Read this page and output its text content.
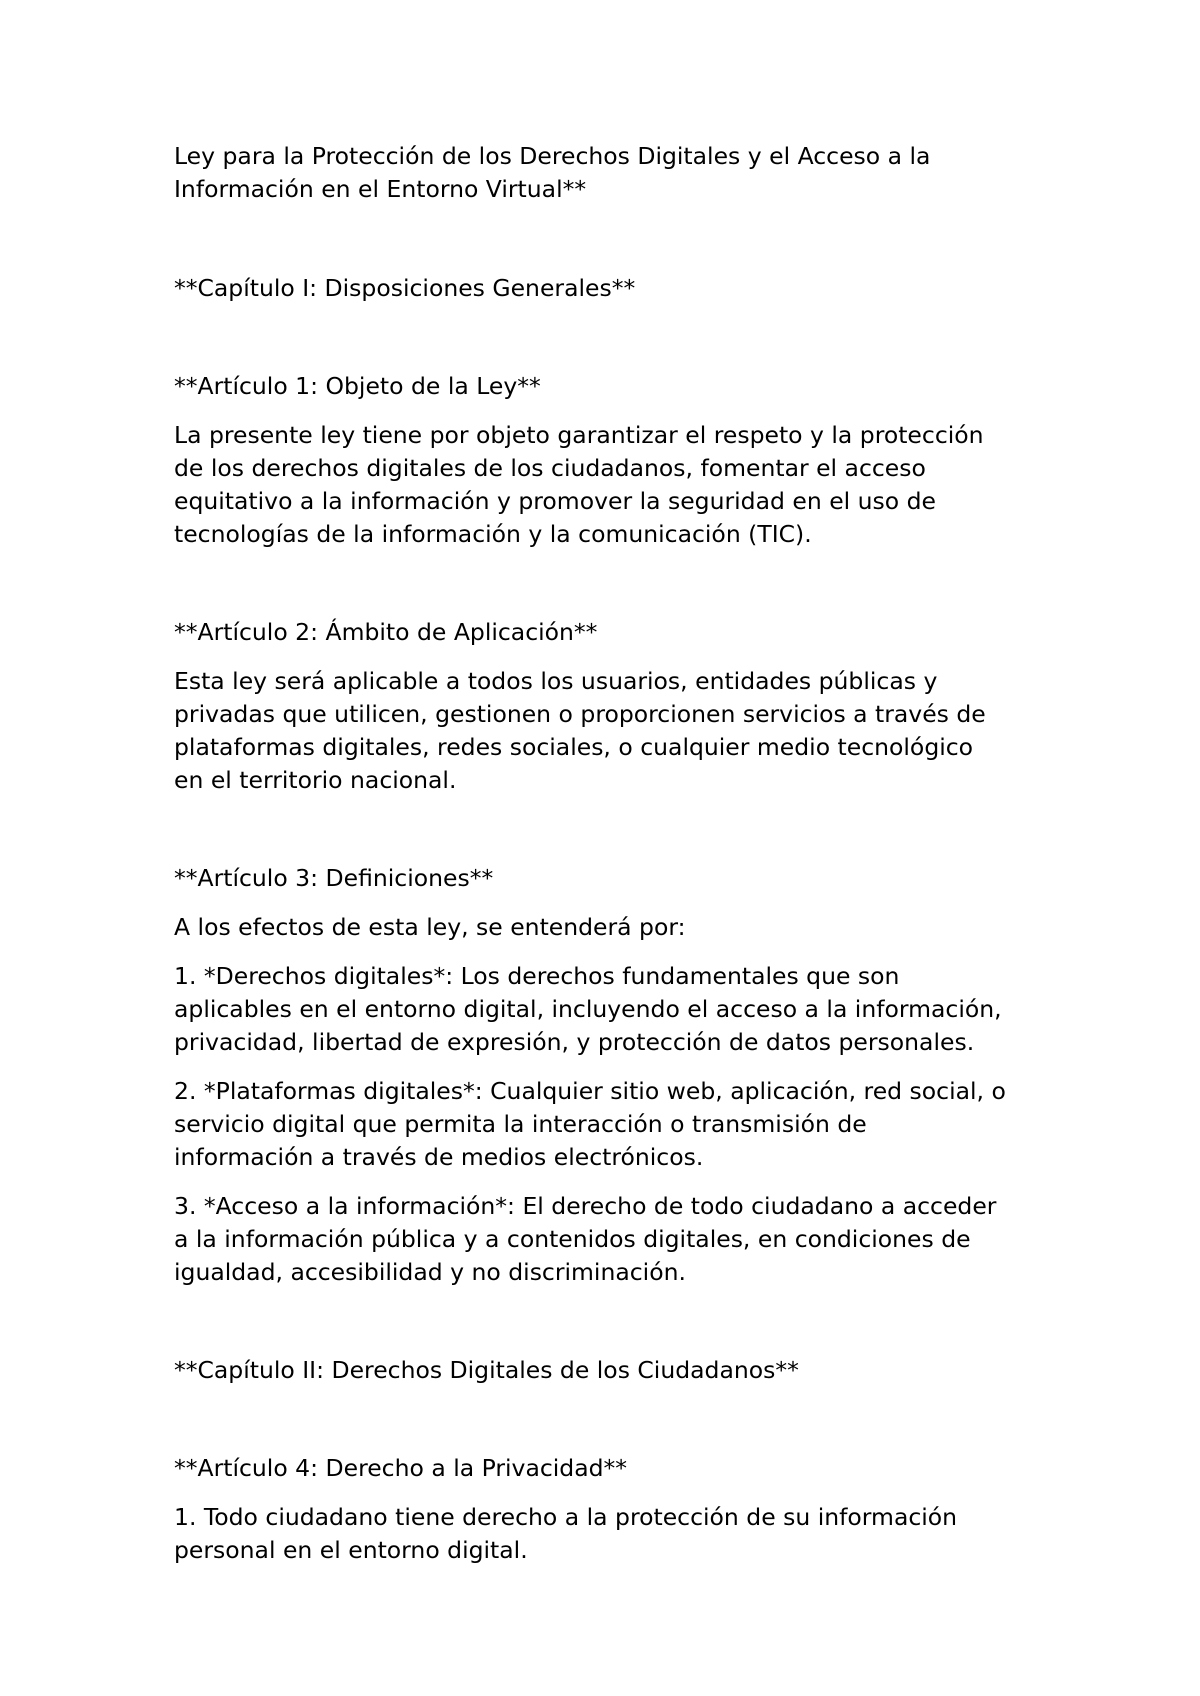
Ley para la Protección de los Derechos Digitales y el Acceso a la
Información en el Entorno Virtual**
**Capítulo I: Disposiciones Generales**
**Artículo 1: Objeto de la Ley**
La presente ley tiene por objeto garantizar el respeto y la protección
de los derechos digitales de los ciudadanos, fomentar el acceso
equitativo a la información y promover la seguridad en el uso de
tecnologías de la información y la comunicación (TIC).
**Artículo 2: Ámbito de Aplicación**
Esta ley será aplicable a todos los usuarios, entidades públicas y
privadas que utilicen, gestionen o proporcionen servicios a través de
plataformas digitales, redes sociales, o cualquier medio tecnológico
en el territorio nacional.
**Artículo 3: Definiciones**
A los efectos de esta ley, se entenderá por:
1. *Derechos digitales*: Los derechos fundamentales que son
aplicables en el entorno digital, incluyendo el acceso a la información,
privacidad, libertad de expresión, y protección de datos personales.
2. *Plataformas digitales*: Cualquier sitio web, aplicación, red social, o
servicio digital que permita la interacción o transmisión de
información a través de medios electrónicos.
3. *Acceso a la información*: El derecho de todo ciudadano a acceder
a la información pública y a contenidos digitales, en condiciones de
igualdad, accesibilidad y no discriminación.
**Capítulo II: Derechos Digitales de los Ciudadanos**
**Artículo 4: Derecho a la Privacidad**
1. Todo ciudadano tiene derecho a la protección de su información
personal en el entorno digital.
